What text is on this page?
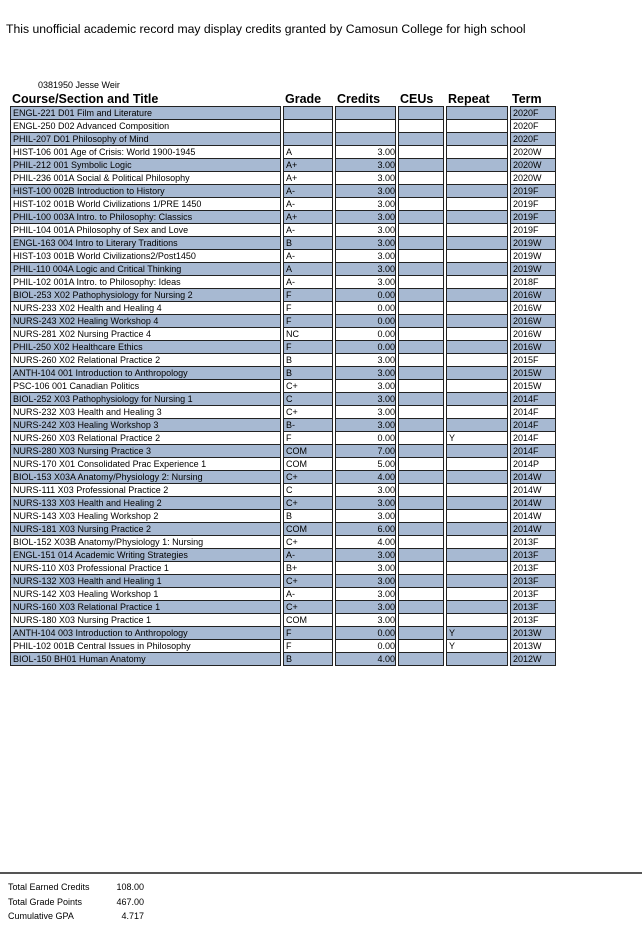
This unofficial academic record may display credits granted by Camosun College for high school
0381950 Jesse Weir
Course/Section and Title	Grade	Credits	CEUs	Repeat	Term
ENGL-221 D01 Film and Literature					2020F
ENGL-250 D02 Advanced Composition					2020F
PHIL-207 D01 Philosophy of Mind					2020F
HIST-106 001 Age of Crisis: World 1900-1945	A	3.00			2020W
PHIL-212 001 Symbolic Logic	A+	3.00			2020W
PHIL-236 001A Social & Political Philosophy	A+	3.00			2020W
HIST-100 002B Introduction to History	A-	3.00			2019F
HIST-102 001B World Civilizations 1/PRE 1450	A-	3.00			2019F
PHIL-100 003A Intro. to Philosophy: Classics	A+	3.00			2019F
PHIL-104 001A Philosophy of Sex and Love	A-	3.00			2019F
ENGL-163 004 Intro to Literary Traditions	B	3.00			2019W
HIST-103 001B World Civilizations2/Post1450	A-	3.00			2019W
PHIL-110 004A Logic and Critical Thinking	A	3.00			2019W
PHIL-102 001A Intro. to Philosophy: Ideas	A-	3.00			2018F
BIOL-253 X02 Pathophysiology for Nursing 2	F	0.00			2016W
NURS-233 X02 Health and Healing 4	F	0.00			2016W
NURS-243 X02 Healing Workshop 4	F	0.00			2016W
NURS-281 X02 Nursing Practice 4	NC	0.00			2016W
PHIL-250 X02 Healthcare Ethics	F	0.00			2016W
NURS-260 X02 Relational Practice 2	B	3.00			2015F
ANTH-104 001 Introduction to Anthropology	B	3.00			2015W
PSC-106 001 Canadian Politics	C+	3.00			2015W
BIOL-252 X03 Pathophysiology for Nursing 1	C	3.00			2014F
NURS-232 X03 Health and Healing 3	C+	3.00			2014F
NURS-242 X03 Healing Workshop 3	B-	3.00			2014F
NURS-260 X03 Relational Practice 2	F	0.00		Y	2014F
NURS-280 X03 Nursing Practice 3	COM	7.00			2014F
NURS-170 X01 Consolidated Prac Experience 1	COM	5.00			2014P
BIOL-153 X03A Anatomy/Physiology 2: Nursing	C+	4.00			2014W
NURS-111 X03 Professional Practice 2	C	3.00			2014W
NURS-133 X03 Health and Healing 2	C+	3.00			2014W
NURS-143 X03 Healing Workshop 2	B	3.00			2014W
NURS-181 X03 Nursing Practice 2	COM	6.00			2014W
BIOL-152 X03B Anatomy/Physiology 1: Nursing	C+	4.00			2013F
ENGL-151 014 Academic Writing Strategies	A-	3.00			2013F
NURS-110 X03 Professional Practice 1	B+	3.00			2013F
NURS-132 X03 Health and Healing 1	C+	3.00			2013F
NURS-142 X03 Healing Workshop 1	A-	3.00			2013F
NURS-160 X03 Relational Practice 1	C+	3.00			2013F
NURS-180 X03 Nursing Practice 1	COM	3.00			2013F
ANTH-104 003 Introduction to Anthropology	F	0.00		Y	2013W
PHIL-102 001B Central Issues in Philosophy	F	0.00		Y	2013W
BIOL-150 BH01 Human Anatomy	B	4.00			2012W
Total Earned Credits	108.00
Total Grade Points	467.00
Cumulative GPA	4.717
